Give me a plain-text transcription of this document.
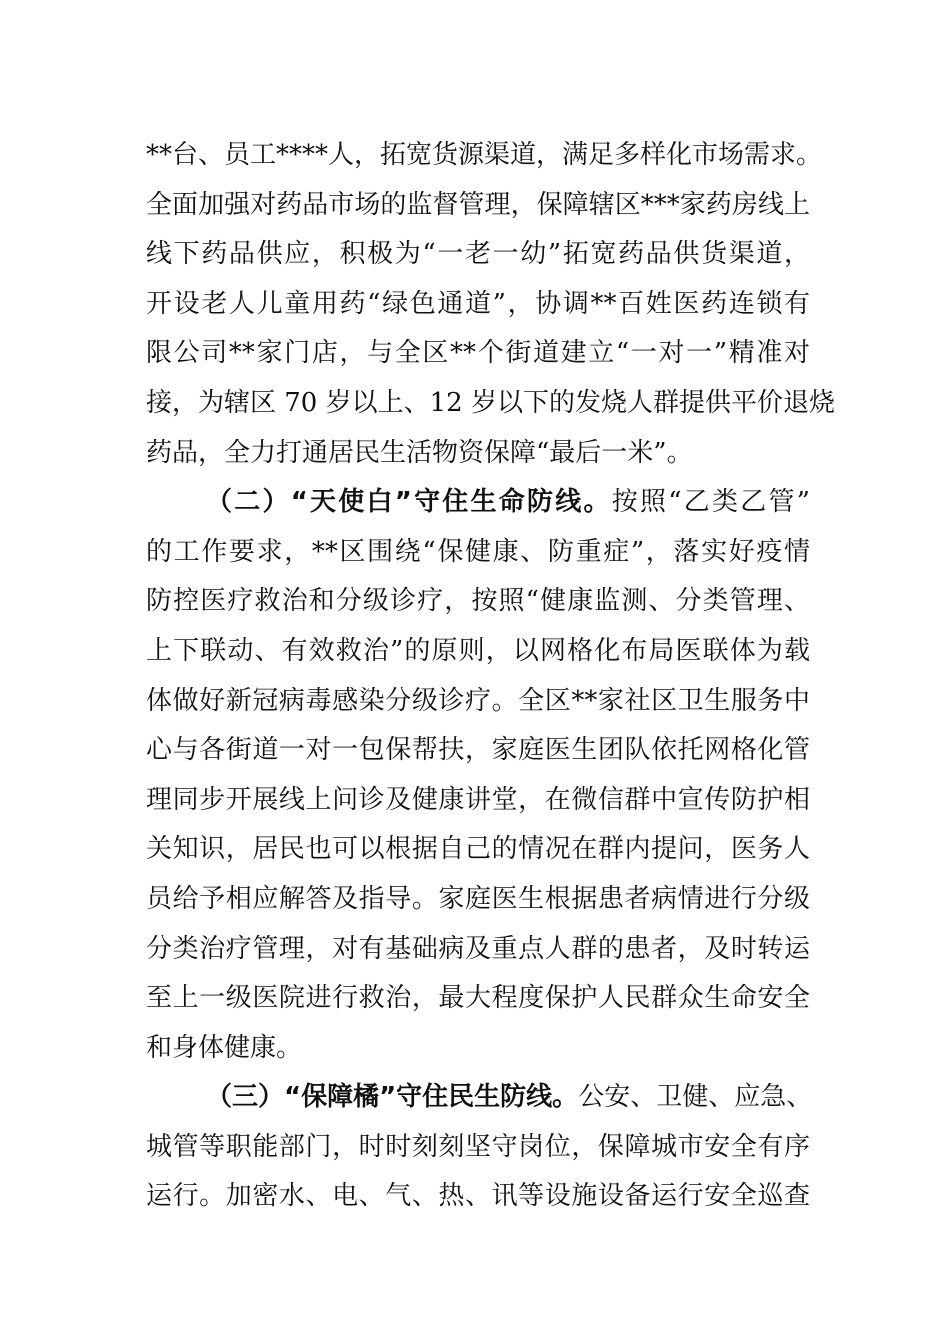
**台、员工****人，拓宽货源渠道，满足多样化市场需求。
全面加强对药品市场的监督管理，保障辖区***家药房线上
线下药品供应，积极为“一老一幼”拓宽药品供货渠道，
开设老人儿童用药“绿色通道”，协调**百姓医药连锁有
限公司**家门店，与全区**个街道建立“一对一”精准对
接，为辖区 70 岁以上、12 岁以下的发烧人群提供平价退烧
药品，全力打通居民生活物资保障“最后一米”。
（二）“天使白”守住生命防线。按照“乙类乙管”
的工作要求，**区围绕“保健康、防重症”，落实好疫情
防控医疗救治和分级诊疗，按照“健康监测、分类管理、
上下联动、有效救治”的原则，以网格化布局医联体为载
体做好新冠病毒感染分级诊疗。全区**家社区卫生服务中
心与各街道一对一包保帮扶，家庭医生团队依托网格化管
理同步开展线上问诊及健康讲堂，在微信群中宣传防护相
关知识，居民也可以根据自己的情况在群内提问，医务人
员给予相应解答及指导。家庭医生根据患者病情进行分级
分类治疗管理，对有基础病及重点人群的患者，及时转运
至上一级医院进行救治，最大程度保护人民群众生命安全
和身体健康。
（三）“保障橘”守住民生防线。公安、卫健、应急、
城管等职能部门，时时刻刻坚守岗位，保障城市安全有序
运行。加密水、电、气、热、讯等设施设备运行安全巡查
